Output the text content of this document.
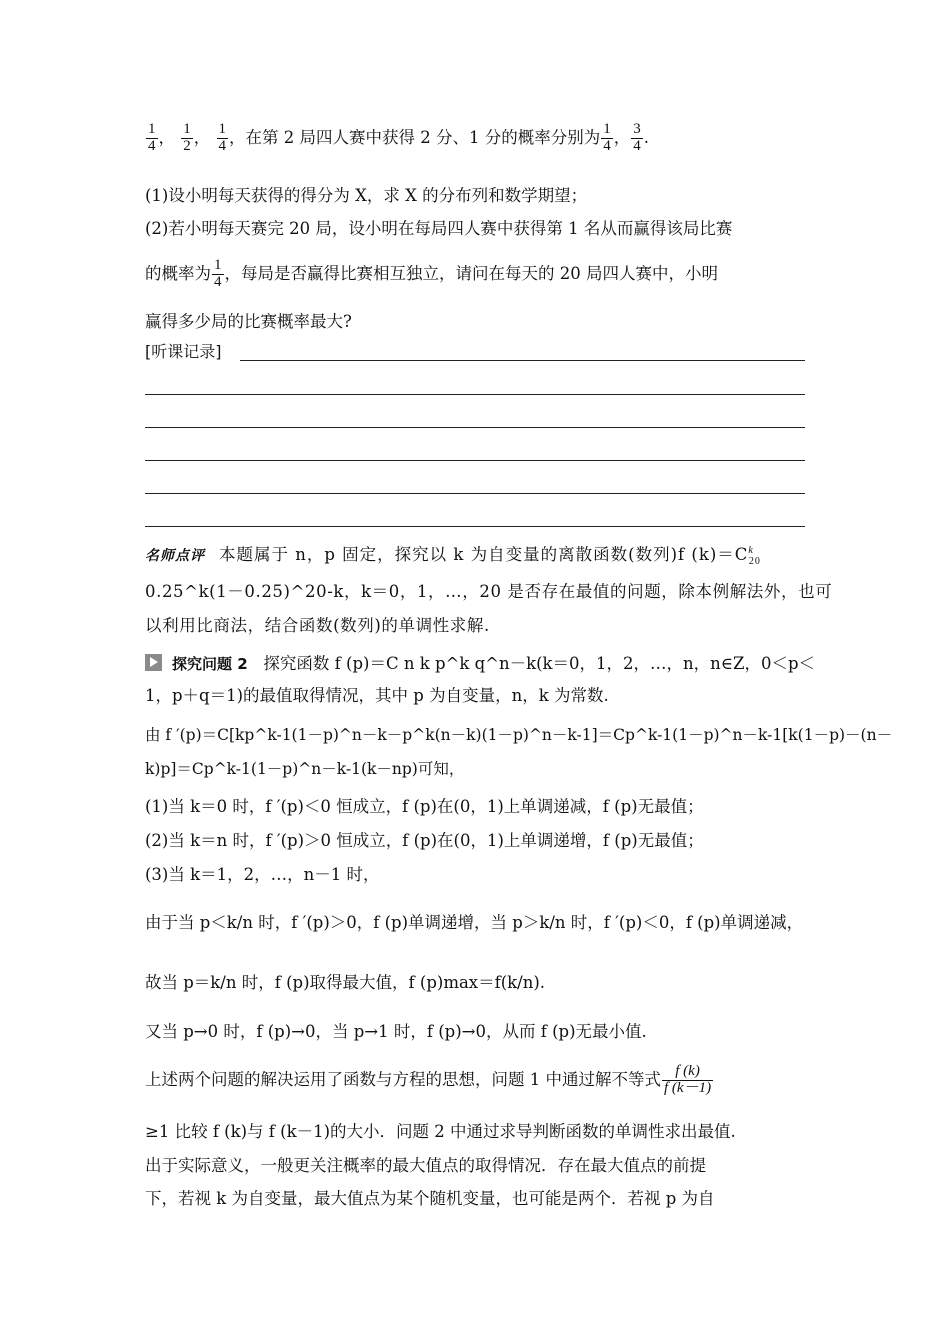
$\frac{1}{4}$ ， $\frac{1}{2}$ ， $\frac{1}{4}$ ，在第 2 局四人赛中获得 2 分、1 分的概率分别为 $\frac{1}{4}$ ， $\frac{3}{4}$ .
(1)设小明每天获得的得分为 X，求 X 的分布列和数学期望；
(2)若小明每天赛完 20 局，设小明在每局四人赛中获得第 1 名从而赢得该局比赛
的概率为 $\frac{1}{4}$ ，每局是否赢得比赛相互独立，请问在每天的 20 局四人赛中，小明
赢得多少局的比赛概率最大?
[听课记录]
名师点评 本题属于 n，p 固定，探究以 k 为自变量的离散函数(数列)f $(k)=C^k_{20}$
0.25^k(1－0.25)^20-k，k＝0，1，…，20 是否存在最值的问题，除本例解法外，也可
以利用比商法，结合函数(数列)的单调性求解.
探究问题 2 探究函数 f (p)＝C n k p^k q^n－k(k＝0，1，2，…，n，n∈Z，0＜p＜
1，p＋q＝1)的最值取得情况，其中 p 为自变量，n，k 为常数.
由 f ′(p)＝C[kp^k-1(1－p)^n－k－p^k(n－k)(1－p)^n－k-1]＝Cp^k-1(1－p)^n－k-1[k(1－p)－(n－
k)p]＝Cp^k-1(1－p)^n－k-1(k－np)可知，
(1)当 k＝0 时，f ′(p)＜0 恒成立，f (p)在(0，1)上单调递减，f (p)无最值；
(2)当 k＝n 时，f ′(p)＞0 恒成立，f (p)在(0，1)上单调递增，f (p)无最值；
(3)当 k＝1，2，…，n－1 时，
由于当 p＜k/n 时，f ′(p)＞0，f (p)单调递增，当 p＞k/n 时，f ′(p)＜0，f (p)单调递减，
故当 p＝k/n 时，f (p)取得最大值，f (p)max＝f(k/n).
又当 p→0 时，f (p)→0，当 p→1 时，f (p)→0，从而 f (p)无最小值.
上述两个问题的解决运用了函数与方程的思想，问题 1 中通过解不等式 $\frac{f (k)}{f (k-1)}$
≥1 比较 f (k)与 f (k－1)的大小．问题 2 中通过求导判断函数的单调性求出最值.
出于实际意义，一般更关注概率的最大值点的取得情况．存在最大值点的前提
下，若视 k 为自变量，最大值点为某个随机变量，也可能是两个．若视 p 为自
